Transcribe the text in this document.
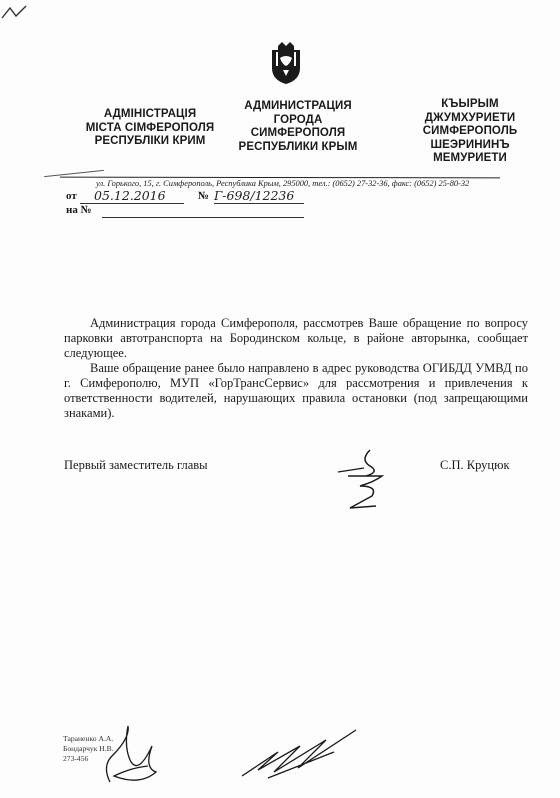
АДМІНІСТРАЦІЯ
МІСТА СІМФЕРОПОЛЯ
РЕСПУБЛІКИ КРИМ
АДМИНИСТРАЦИЯ
ГОРОДА
СИМФЕРОПОЛЯ
РЕСПУБЛИКИ КРЫМ
КЪЫРЫМ
ДЖУМХУРИЕТИ
СИМФЕРОПОЛЬ
ШЕЭРИНИНЪ
МЕМУРИЕТИ
ул. Горького, 15, г. Симферополь, Республика Крым, 295000, тел.: (0652) 27-32-36, факс: (0652) 25-80-32
от 05.12.2016	№ Г-698/12236
на №

Администрация города Симферополя, рассмотрев Ваше обращение по вопросу парковки автотранспорта на Бородинском кольце, в районе авторынка, сообщает следующее.

Ваше обращение ранее было направлено в адрес руководства ОГИБДД УМВД по г. Симферополю, МУП «ГорТрансСервис» для рассмотрения и привлечения к ответственности водителей, нарушающих правила остановки (под запрещающими знаками).

Первый заместитель главы	С.П. Круцюк
Тараненко А.А.
Бондарчук Н.В.
273-456
